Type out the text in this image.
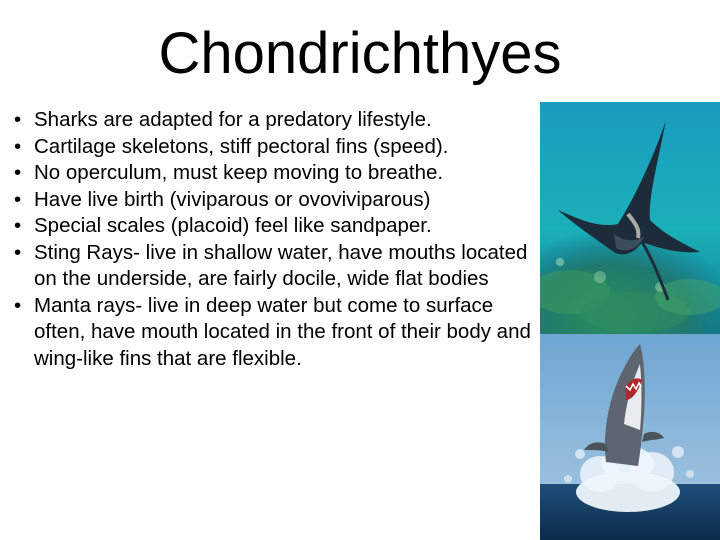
Chondrichthyes
• Sharks are adapted for a predatory lifestyle.
• Cartilage skeletons, stiff pectoral fins (speed).
• No operculum, must keep moving to breathe.
• Have live birth (viviparous or ovoviviparous)
• Special scales (placoid) feel like sandpaper.
• Sting Rays- live in shallow water, have mouths located on the underside, are fairly docile, wide flat bodies
• Manta rays- live in deep water but come to surface often, have mouth located in the front of their body and wing-like fins that are flexible.
